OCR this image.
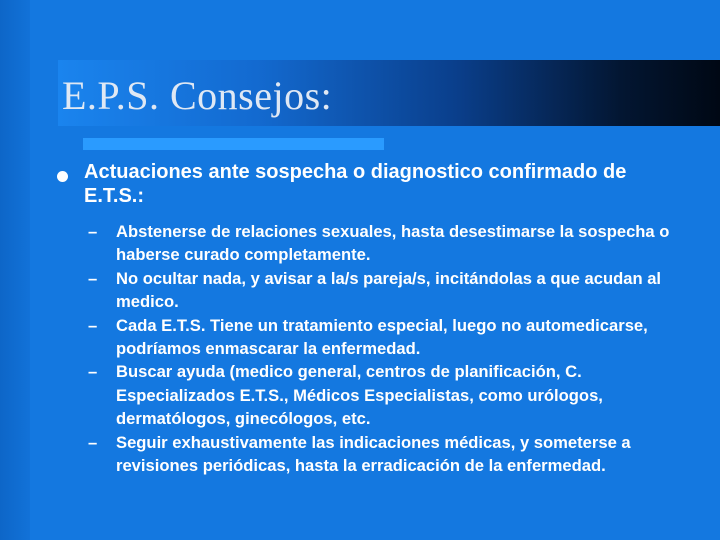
E.P.S. Consejos:
Actuaciones ante sospecha o diagnostico confirmado de E.T.S.:
– Abstenerse de relaciones sexuales, hasta desestimarse la sospecha o haberse curado completamente.
– No ocultar nada, y avisar a la/s pareja/s, incitándolas a que acudan al medico.
– Cada E.T.S. Tiene un tratamiento especial, luego no automedicarse, podríamos enmascarar la enfermedad.
– Buscar ayuda (medico general, centros de planificación, C. Especializados E.T.S., Médicos Especialistas, como urólogos, dermatólogos, ginecólogos, etc.
– Seguir exhaustivamente las indicaciones médicas, y someterse a revisiones periódicas, hasta la erradicación de la enfermedad.
